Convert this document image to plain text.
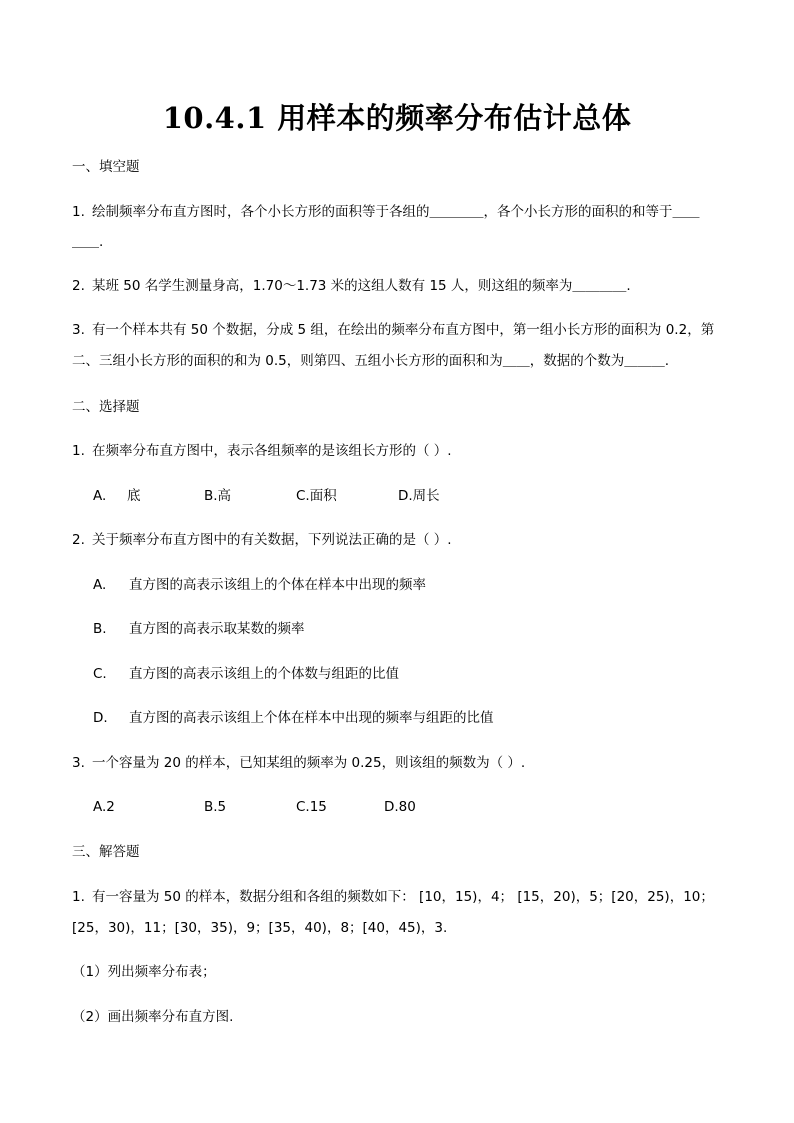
10.4.1 用样本的频率分布估计总体
一、填空题
1. 绘制频率分布直方图时，各个小长方形的面积等于各组的＿＿＿＿，各个小长方形的面积的和等于＿＿
＿＿.
2. 某班 50 名学生测量身高，1.70～1.73 米的这组人数有 15 人，则这组的频率为＿＿＿＿.
3. 有一个样本共有 50 个数据，分成 5 组，在绘出的频率分布直方图中，第一组小长方形的面积为 0.2，第
二、三组小长方形的面积的和为 0.5，则第四、五组小长方形的面积和为＿＿，数据的个数为＿＿＿.
二、选择题
1. 在频率分布直方图中，表示各组频率的是该组长方形的（ ）.
A. 底	B.高	C.面积	D.周长
2. 关于频率分布直方图中的有关数据，下列说法正确的是（ ）.
A. 直方图的高表示该组上的个体在样本中出现的频率
B. 直方图的高表示取某数的频率
C. 直方图的高表示该组上的个体数与组距的比值
D. 直方图的高表示该组上个体在样本中出现的频率与组距的比值
3. 一个容量为 20 的样本，已知某组的频率为 0.25，则该组的频数为（ ）.
A.2	B.5	C.15	D.80
三、解答题
1. 有一容量为 50 的样本，数据分组和各组的频数如下： [10，15)，4； [15，20)，5；[20，25)，10；
[25，30)，11；[30，35)，9；[35，40)，8；[40，45)，3.
（1）列出频率分布表；
（2）画出频率分布直方图.
